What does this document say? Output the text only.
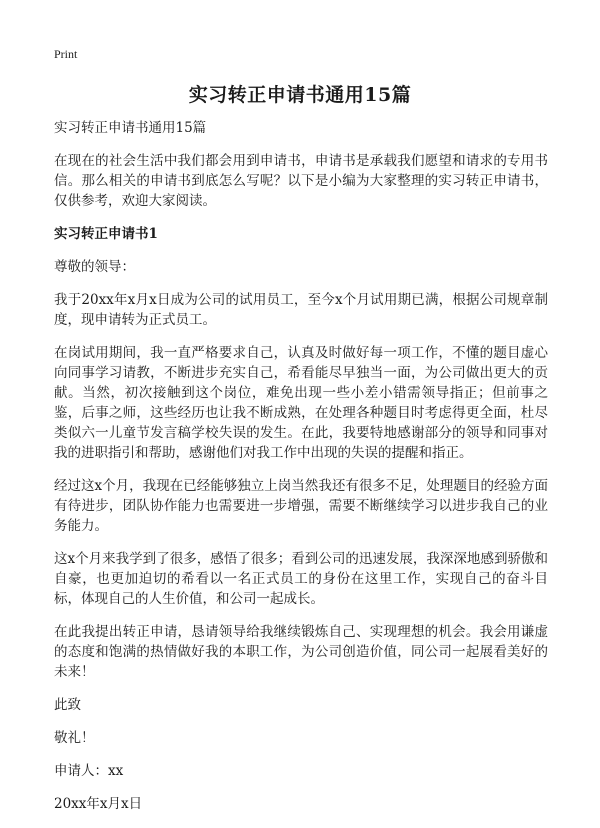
Print
实习转正申请书通用15篇

实习转正申请书通用15篇

在现在的社会生活中我们都会用到申请书，申请书是承载我们愿望和请求的专用书信。那么相关的申请书到底怎么写呢？以下是小编为大家整理的实习转正申请书，仅供参考，欢迎大家阅读。

实习转正申请书1

尊敬的领导：

我于20xx年x月x日成为公司的试用员工，至今x个月试用期已满，根据公司规章制度，现申请转为正式员工。

在岗试用期间，我一直严格要求自己，认真及时做好每一项工作，不懂的题目虚心向同事学习请教，不断进步充实自己，希看能尽早独当一面，为公司做出更大的贡献。当然，初次接触到这个岗位，难免出现一些小差小错需领导指正；但前事之鉴，后事之师，这些经历也让我不断成熟，在处理各种题目时考虑得更全面，杜尽类似六一儿童节发言稿学校失误的发生。在此，我要特地感谢部分的领导和同事对我的进职指引和帮助，感谢他们对我工作中出现的失误的提醒和指正。

经过这x个月，我现在已经能够独立上岗当然我还有很多不足，处理题目的经验方面有待进步，团队协作能力也需要进一步增强，需要不断继续学习以进步我自己的业务能力。

这x个月来我学到了很多，感悟了很多；看到公司的迅速发展，我深深地感到骄傲和自豪，也更加迫切的希看以一名正式员工的身份在这里工作，实现自己的奋斗目标，体现自己的人生价值，和公司一起成长。

在此我提出转正申请，恳请领导给我继续锻炼自己、实现理想的机会。我会用谦虚的态度和饱满的热情做好我的本职工作，为公司创造价值，同公司一起展看美好的未来！

此致

敬礼！

申请人：xx

20xx年x月x日
